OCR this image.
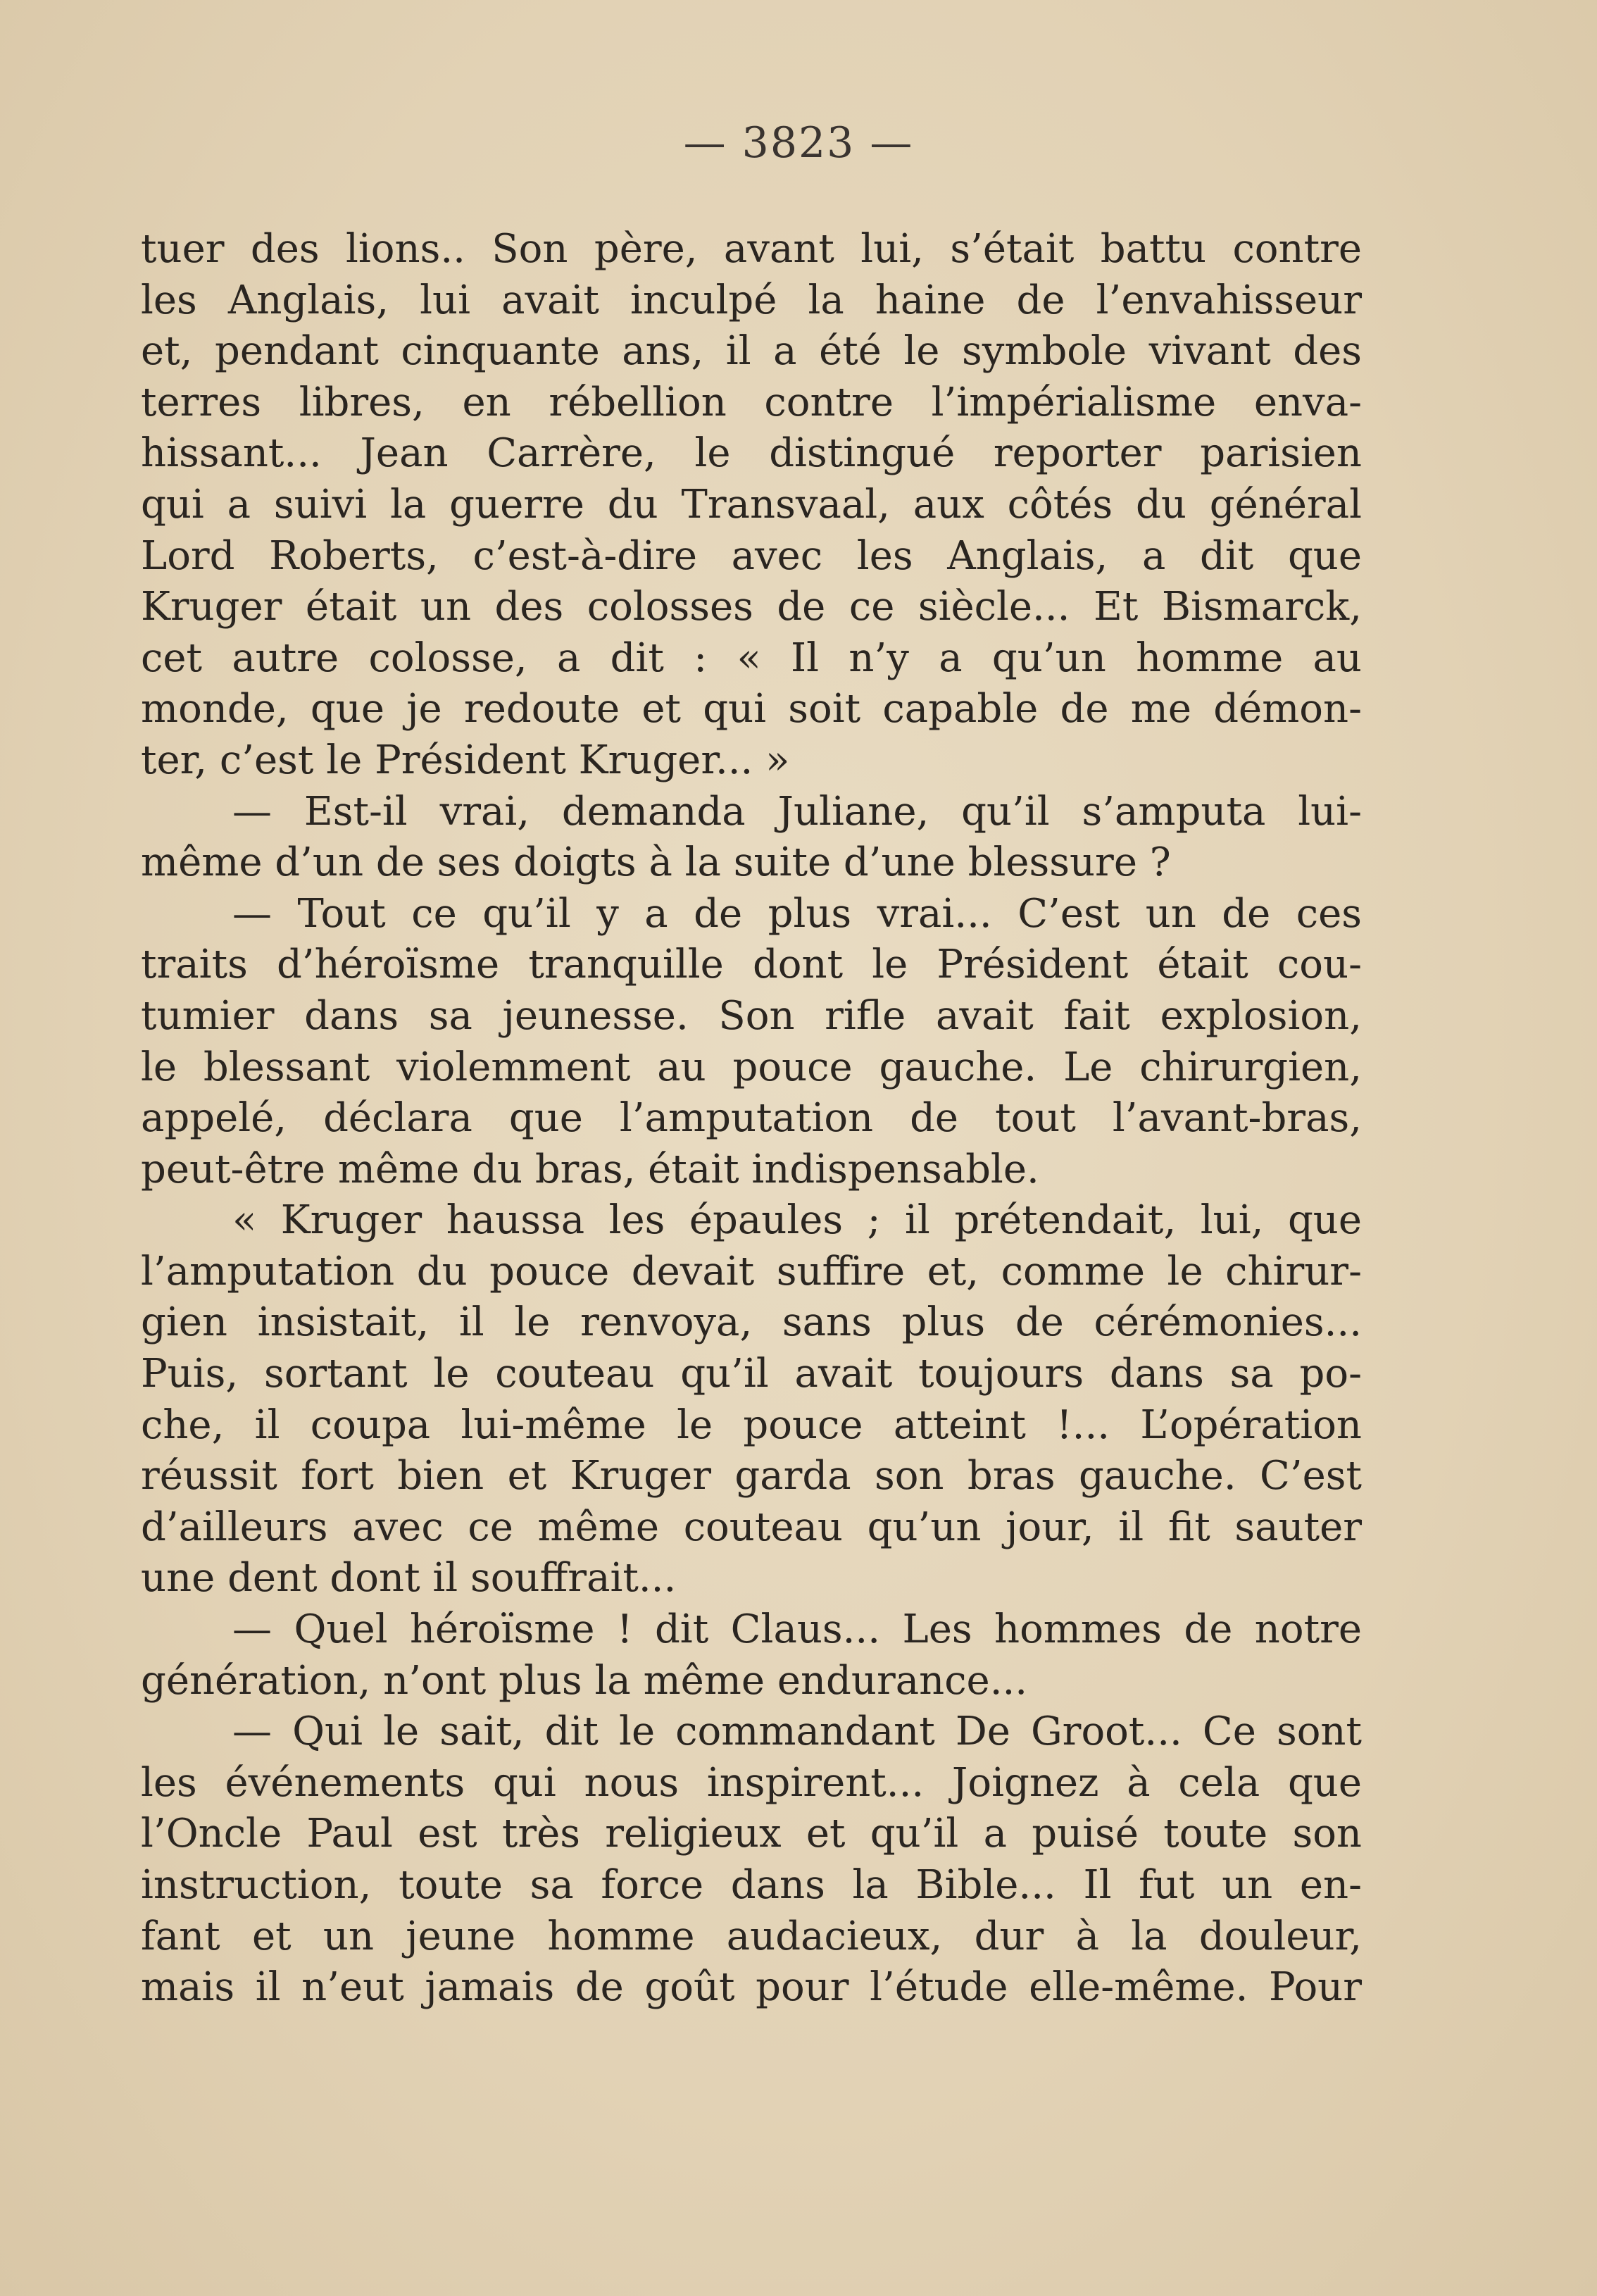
— 3823 —
tuer des lions.. Son père, avant lui, s’était battu contre
les Anglais, lui avait inculpé la haine de l’envahisseur
et, pendant cinquante ans, il a été le symbole vivant des
terres libres, en rébellion contre l’impérialisme enva-
hissant... Jean Carrère, le distingué reporter parisien
qui a suivi la guerre du Transvaal, aux côtés du général
Lord Roberts, c’est-à-dire avec les Anglais, a dit que
Kruger était un des colosses de ce siècle... Et Bismarck,
cet autre colosse, a dit : « Il n’y a qu’un homme au
monde, que je redoute et qui soit capable de me démon-
ter, c’est le Président Kruger... »
— Est-il vrai, demanda Juliane, qu’il s’amputa lui-
même d’un de ses doigts à la suite d’une blessure ?
— Tout ce qu’il y a de plus vrai... C’est un de ces
traits d’héroïsme tranquille dont le Président était cou-
tumier dans sa jeunesse. Son rifle avait fait explosion,
le blessant violemment au pouce gauche. Le chirurgien,
appelé, déclara que l’amputation de tout l’avant-bras,
peut-être même du bras, était indispensable.
« Kruger haussa les épaules ; il prétendait, lui, que
l’amputation du pouce devait suffire et, comme le chirur-
gien insistait, il le renvoya, sans plus de cérémonies...
Puis, sortant le couteau qu’il avait toujours dans sa po-
che, il coupa lui-même le pouce atteint !... L’opération
réussit fort bien et Kruger garda son bras gauche. C’est
d’ailleurs avec ce même couteau qu’un jour, il fit sauter
une dent dont il souffrait...
— Quel héroïsme ! dit Claus... Les hommes de notre
génération, n’ont plus la même endurance...
— Qui le sait, dit le commandant De Groot... Ce sont
les événements qui nous inspirent... Joignez à cela que
l’Oncle Paul est très religieux et qu’il a puisé toute son
instruction, toute sa force dans la Bible... Il fut un en-
fant et un jeune homme audacieux, dur à la douleur,
mais il n’eut jamais de goût pour l’étude elle-même. Pour
